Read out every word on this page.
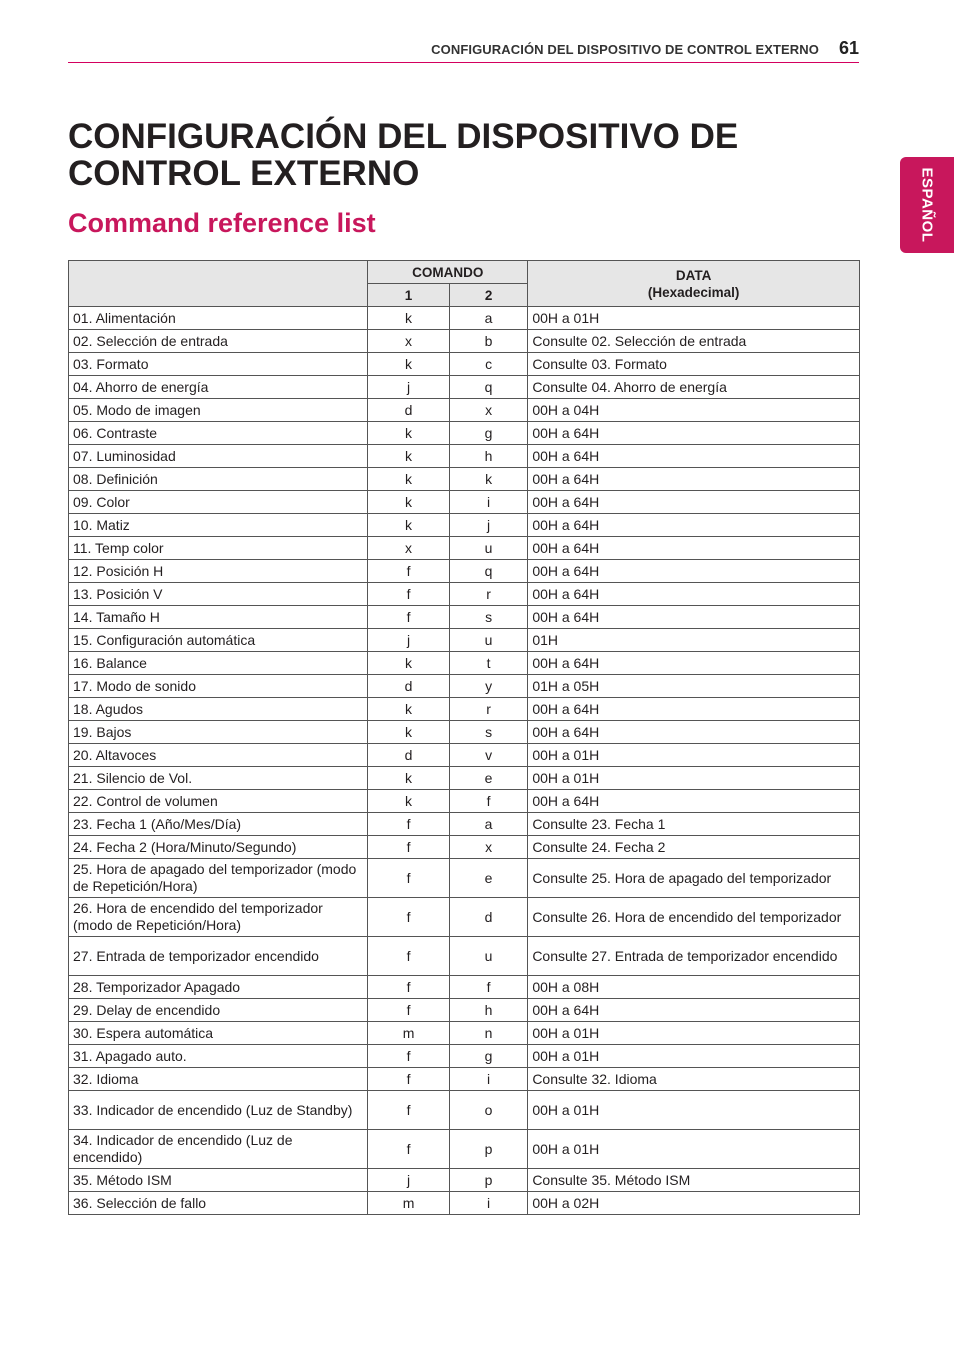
CONFIGURACIÓN DEL DISPOSITIVO DE CONTROL EXTERNO 61
ESPAÑOL
CONFIGURACIÓN DEL DISPOSITIVO DE CONTROL EXTERNO
Command reference list
	COMANDO		DATA
(Hexadecimal)
	1	2	
01. Alimentación	k	a	00H a 01H
02. Selección de entrada	x	b	Consulte 02. Selección de entrada
03. Formato	k	c	Consulte 03. Formato
04. Ahorro de energía	j	q	Consulte 04. Ahorro de energía
05. Modo de imagen	d	x	00H a 04H
06. Contraste	k	g	00H a 64H
07. Luminosidad	k	h	00H a 64H
08. Definición	k	k	00H a 64H
09. Color	k	i	00H a 64H
10. Matiz	k	j	00H a 64H
11. Temp color	x	u	00H a 64H
12. Posición H	f	q	00H a 64H
13. Posición V	f	r	00H a 64H
14. Tamaño H	f	s	00H a 64H
15. Configuración automática	j	u	01H
16. Balance	k	t	00H a 64H
17. Modo de sonido	d	y	01H a 05H
18. Agudos	k	r	00H a 64H
19. Bajos	k	s	00H a 64H
20. Altavoces	d	v	00H a 01H
21. Silencio de Vol.	k	e	00H a 01H
22. Control de volumen	k	f	00H a 64H
23. Fecha 1 (Año/Mes/Día)	f	a	Consulte 23. Fecha 1
24. Fecha 2 (Hora/Minuto/Segundo)	f	x	Consulte 24. Fecha 2
25. Hora de apagado del temporizador (modo de Repetición/Hora)	f	e	Consulte 25. Hora de apagado del temporizador
26. Hora de encendido del temporizador (modo de Repetición/Hora)	f	d	Consulte 26. Hora de encendido del temporizador
27. Entrada de temporizador encendido	f	u	Consulte 27. Entrada de temporizador encendido
28. Temporizador Apagado	f	f	00H a 08H
29. Delay de encendido	f	h	00H a 64H
30. Espera automática	m	n	00H a 01H
31. Apagado auto.	f	g	00H a 01H
32. Idioma	f	i	Consulte 32. Idioma
33. Indicador de encendido (Luz de Standby)	f	o	00H a 01H
34. Indicador de encendido (Luz de encendido)	f	p	00H a 01H
35. Método ISM	j	p	Consulte 35. Método ISM
36. Selección de fallo	m	i	00H a 02H
